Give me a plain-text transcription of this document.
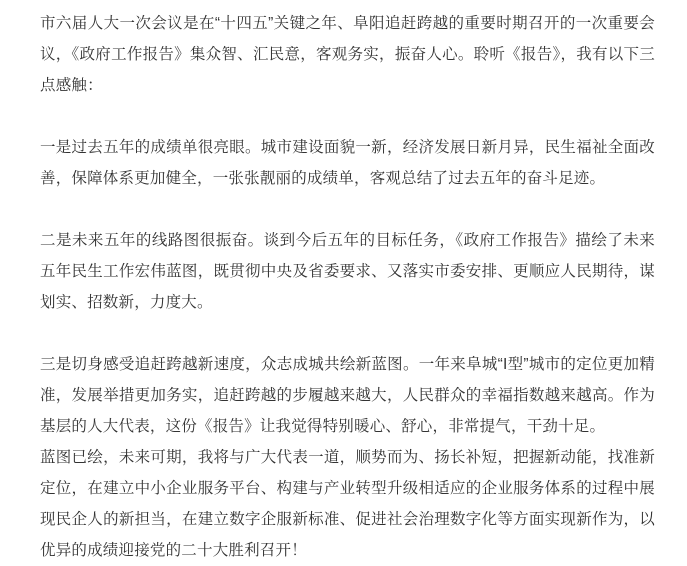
市六届人大一次会议是在“十四五”关键之年、阜阳追赶跨越的重要时期召开的一次重要会议，《政府工作报告》集众智、汇民意，客观务实，振奋人心。聆听《报告》，我有以下三点感触：

一是过去五年的成绩单很亮眼。城市建设面貌一新，经济发展日新月异，民生福祉全面改善，保障体系更加健全，一张张靓丽的成绩单，客观总结了过去五年的奋斗足迹。

二是未来五年的线路图很振奋。谈到今后五年的目标任务，《政府工作报告》描绘了未来五年民生工作宏伟蓝图，既贯彻中央及省委要求、又落实市委安排、更顺应人民期待，谋划实、招数新，力度大。

三是切身感受追赶跨越新速度，众志成城共绘新蓝图。一年来阜城“I型”城市的定位更加精准，发展举措更加务实，追赶跨越的步履越来越大，人民群众的幸福指数越来越高。作为基层的人大代表，这份《报告》让我觉得特别暖心、舒心，非常提气，干劲十足。

蓝图已绘，未来可期，我将与广大代表一道，顺势而为、扬长补短，把握新动能，找准新定位，在建立中小企业服务平台、构建与产业转型升级相适应的企业服务体系的过程中展现民企人的新担当，在建立数字企服新标准、促进社会治理数字化等方面实现新作为，以优异的成绩迎接党的二十大胜利召开！
